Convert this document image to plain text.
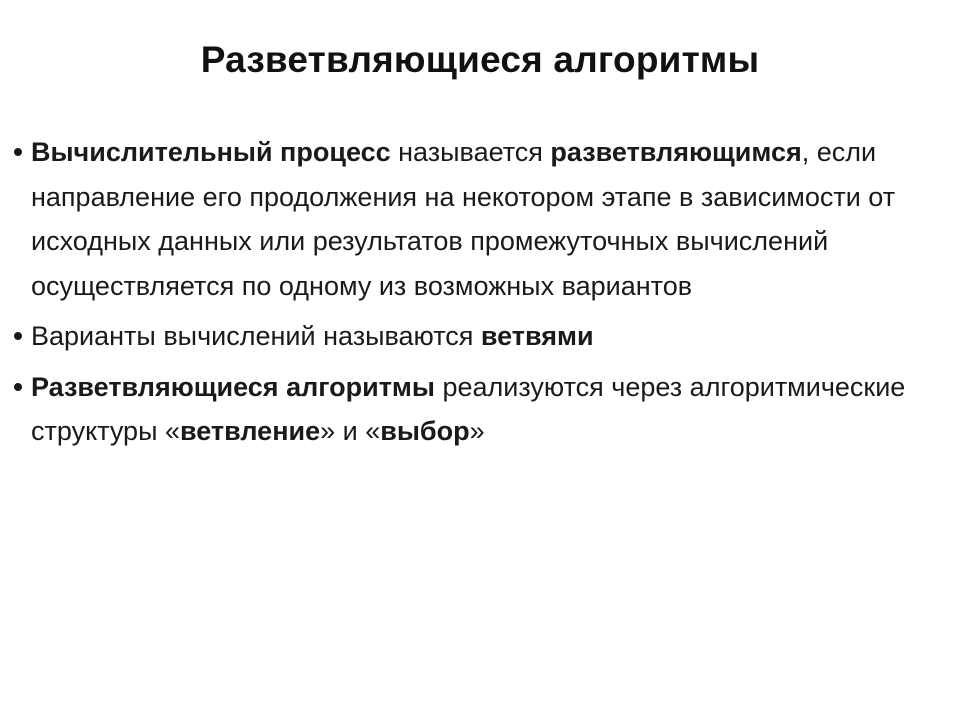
Разветвляющиеся алгоритмы
Вычислительный процесс называется разветвляющимся, если направление его продолжения на некотором этапе в зависимости от исходных данных или результатов промежуточных вычислений осуществляется по одному из возможных вариантов
Варианты вычислений называются ветвями
Разветвляющиеся алгоритмы реализуются через алгоритмические структуры «ветвление» и «выбор»
